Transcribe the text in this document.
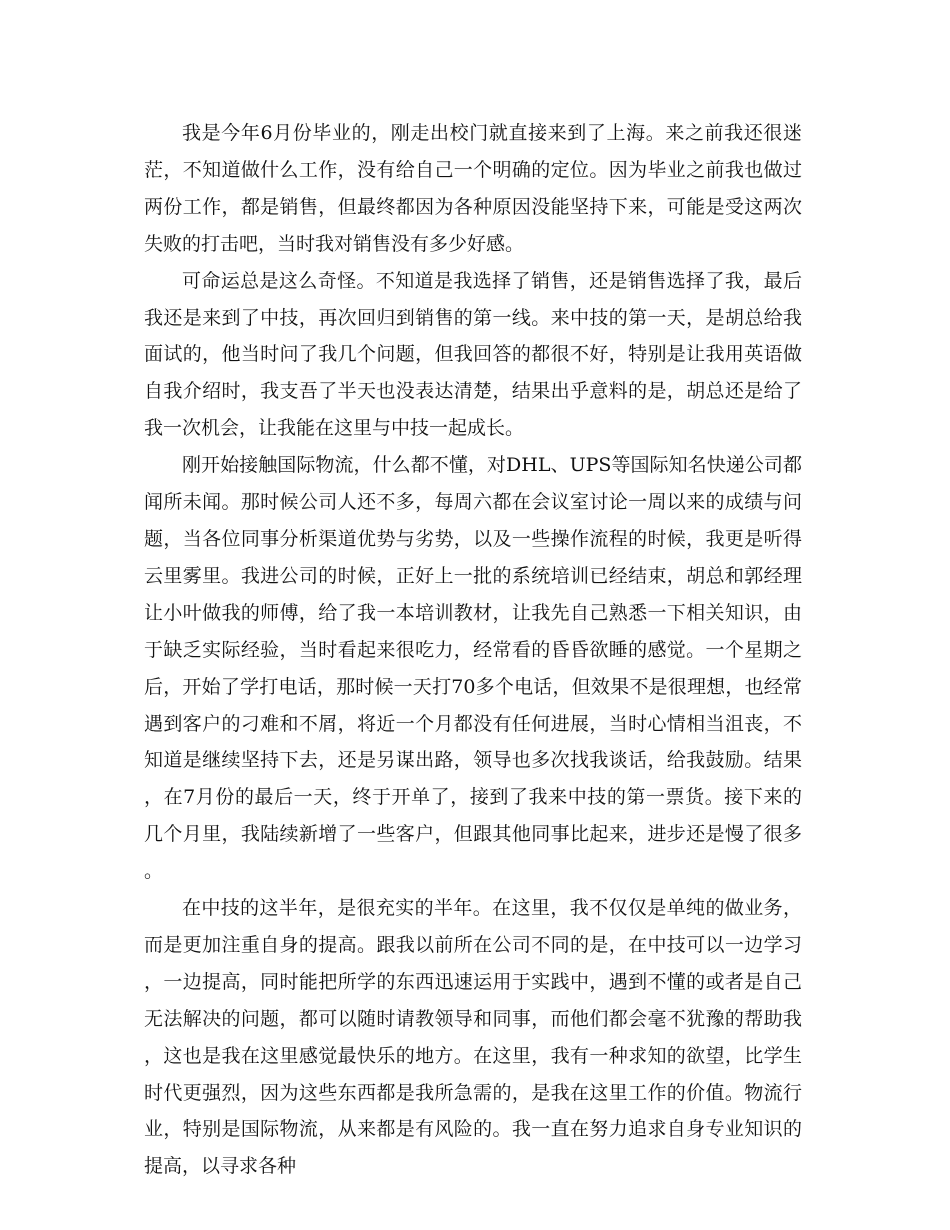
我是今年6月份毕业的，刚走出校门就直接来到了上海。来之前我还很迷茫，不知道做什么工作，没有给自己一个明确的定位。因为毕业之前我也做过两份工作，都是销售，但最终都因为各种原因没能坚持下来，可能是受这两次失败的打击吧，当时我对销售没有多少好感。

可命运总是这么奇怪。不知道是我选择了销售，还是销售选择了我，最后我还是来到了中技，再次回归到销售的第一线。来中技的第一天，是胡总给我面试的，他当时问了我几个问题，但我回答的都很不好，特别是让我用英语做自我介绍时，我支吾了半天也没表达清楚，结果出乎意料的是，胡总还是给了我一次机会，让我能在这里与中技一起成长。

刚开始接触国际物流，什么都不懂，对DHL、UPS等国际知名快递公司都闻所未闻。那时候公司人还不多，每周六都在会议室讨论一周以来的成绩与问题，当各位同事分析渠道优势与劣势，以及一些操作流程的时候，我更是听得云里雾里。我进公司的时候，正好上一批的系统培训已经结束，胡总和郭经理让小叶做我的师傅，给了我一本培训教材，让我先自己熟悉一下相关知识，由于缺乏实际经验，当时看起来很吃力，经常看的昏昏欲睡的感觉。一个星期之后，开始了学打电话，那时候一天打70多个电话，但效果不是很理想，也经常遇到客户的刁难和不屑，将近一个月都没有任何进展，当时心情相当沮丧，不知道是继续坚持下去，还是另谋出路，领导也多次找我谈话，给我鼓励。结果，在7月份的最后一天，终于开单了，接到了我来中技的第一票货。接下来的几个月里，我陆续新增了一些客户，但跟其他同事比起来，进步还是慢了很多。

在中技的这半年，是很充实的半年。在这里，我不仅仅是单纯的做业务，而是更加注重自身的提高。跟我以前所在公司不同的是，在中技可以一边学习，一边提高，同时能把所学的东西迅速运用于实践中，遇到不懂的或者是自己无法解决的问题，都可以随时请教领导和同事，而他们都会毫不犹豫的帮助我，这也是我在这里感觉最快乐的地方。在这里，我有一种求知的欲望，比学生时代更强烈，因为这些东西都是我所急需的，是我在这里工作的价值。物流行业，特别是国际物流，从来都是有风险的。我一直在努力追求自身专业知识的提高，以寻求各种
